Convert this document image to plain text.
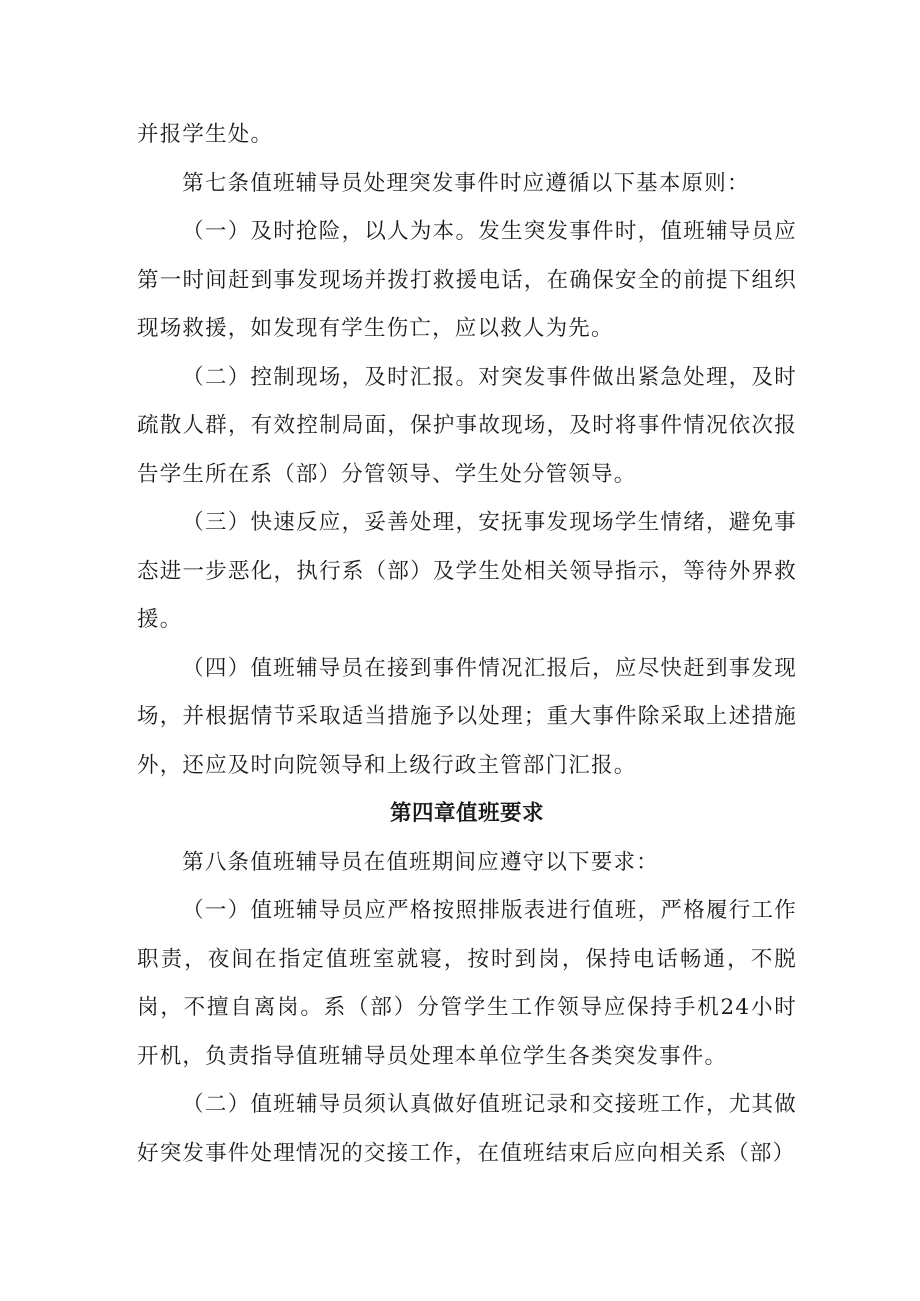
并报学生处。

第七条值班辅导员处理突发事件时应遵循以下基本原则：

（一）及时抢险，以人为本。发生突发事件时，值班辅导员应第一时间赶到事发现场并拨打救援电话，在确保安全的前提下组织现场救援，如发现有学生伤亡，应以救人为先。

（二）控制现场，及时汇报。对突发事件做出紧急处理，及时疏散人群，有效控制局面，保护事故现场，及时将事件情况依次报告学生所在系（部）分管领导、学生处分管领导。

（三）快速反应，妥善处理，安抚事发现场学生情绪，避免事态进一步恶化，执行系（部）及学生处相关领导指示，等待外界救援。

（四）值班辅导员在接到事件情况汇报后，应尽快赶到事发现场，并根据情节采取适当措施予以处理；重大事件除采取上述措施外，还应及时向院领导和上级行政主管部门汇报。

第四章值班要求

第八条值班辅导员在值班期间应遵守以下要求：

（一）值班辅导员应严格按照排版表进行值班，严格履行工作职责，夜间在指定值班室就寝，按时到岗，保持电话畅通，不脱岗，不擅自离岗。系（部）分管学生工作领导应保持手机24小时开机，负责指导值班辅导员处理本单位学生各类突发事件。

（二）值班辅导员须认真做好值班记录和交接班工作，尤其做好突发事件处理情况的交接工作，在值班结束后应向相关系（部）
